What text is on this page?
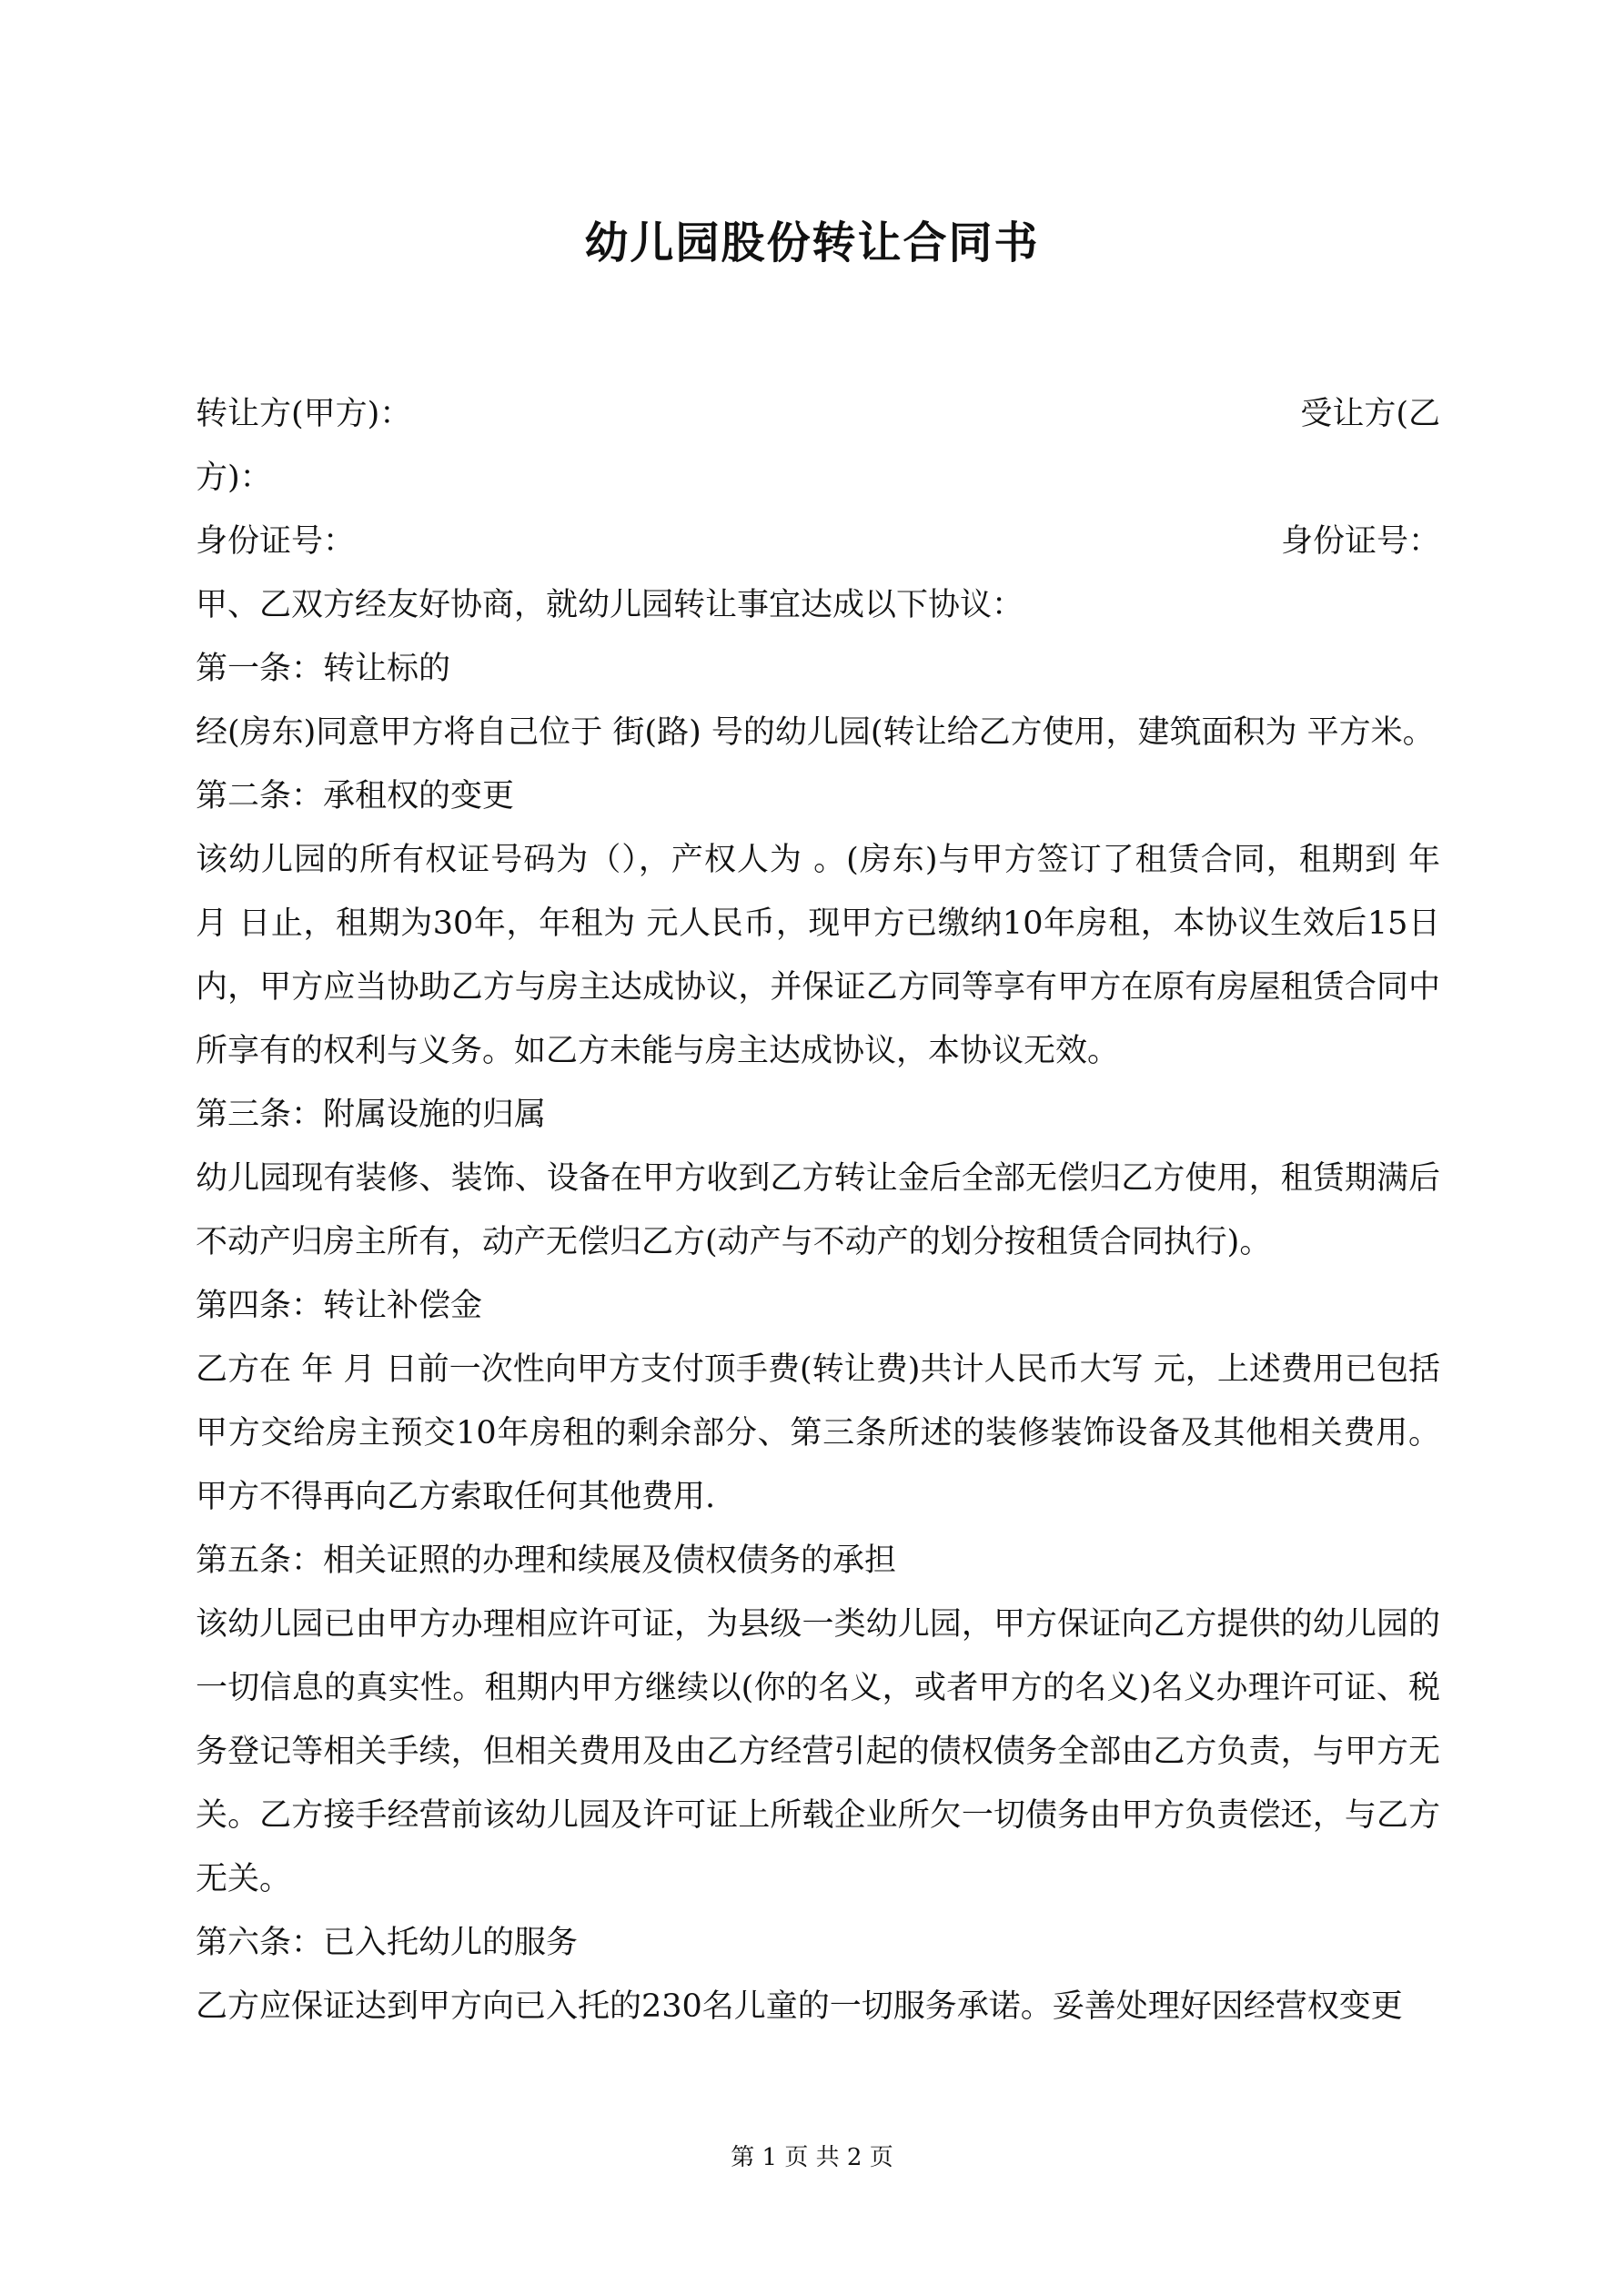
幼儿园股份转让合同书
转让方(甲方)：	受让方(乙

方)：

身份证号：	身份证号：

甲、乙双方经友好协商，就幼儿园转让事宜达成以下协议：

第一条：转让标的

经(房东)同意甲方将自己位于 街(路) 号的幼儿园(转让给乙方使用，建筑面积为 平方米。

第二条：承租权的变更

该幼儿园的所有权证号码为（），产权人为 。(房东)与甲方签订了租赁合同，租期到 年 月 日止，租期为30年，年租为 元人民币，现甲方已缴纳10年房租，本协议生效后15日内，甲方应当协助乙方与房主达成协议，并保证乙方同等享有甲方在原有房屋租赁合同中所享有的权利与义务。如乙方未能与房主达成协议，本协议无效。

第三条：附属设施的归属

幼儿园现有装修、装饰、设备在甲方收到乙方转让金后全部无偿归乙方使用，租赁期满后不动产归房主所有，动产无偿归乙方(动产与不动产的划分按租赁合同执行)。

第四条：转让补偿金

乙方在 年 月 日前一次性向甲方支付顶手费(转让费)共计人民币大写 元，上述费用已包括甲方交给房主预交10年房租的剩余部分、第三条所述的装修装饰设备及其他相关费用。甲方不得再向乙方索取任何其他费用.

第五条：相关证照的办理和续展及债权债务的承担

该幼儿园已由甲方办理相应许可证，为县级一类幼儿园，甲方保证向乙方提供的幼儿园的一切信息的真实性。租期内甲方继续以(你的名义，或者甲方的名义)名义办理许可证、税务登记等相关手续，但相关费用及由乙方经营引起的债权债务全部由乙方负责，与甲方无关。乙方接手经营前该幼儿园及许可证上所载企业所欠一切债务由甲方负责偿还，与乙方无关。

第六条：已入托幼儿的服务

乙方应保证达到甲方向已入托的230名儿童的一切服务承诺。妥善处理好因经营权变更

第 1 页 共 2 页
